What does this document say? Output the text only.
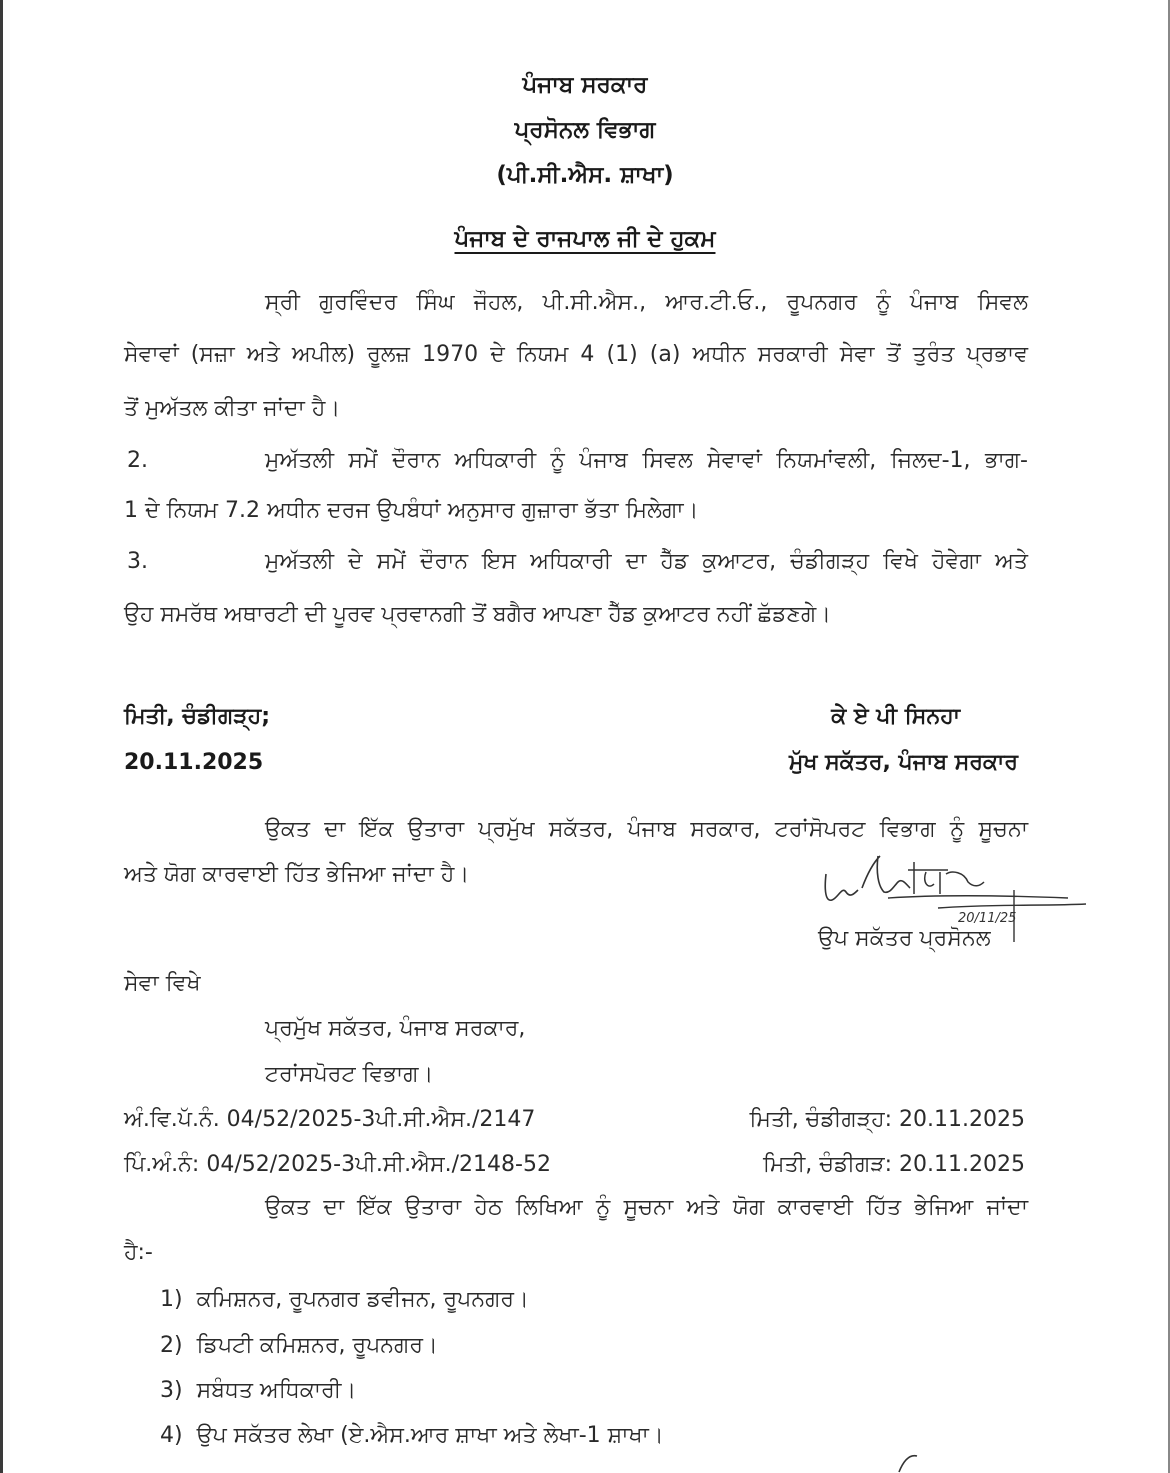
ਪੰਜਾਬ ਸਰਕਾਰ
ਪ੍ਰਸੋਨਲ ਵਿਭਾਗ
(ਪੀ.ਸੀ.ਐਸ. ਸ਼ਾਖਾ)
ਪੰਜਾਬ ਦੇ ਰਾਜਪਾਲ ਜੀ ਦੇ ਹੁਕਮ
ਸ੍ਰੀ ਗੁਰਵਿੰਦਰ ਸਿੰਘ ਜੌਹਲ, ਪੀ.ਸੀ.ਐਸ., ਆਰ.ਟੀ.ਓ., ਰੂਪਨਗਰ ਨੂੰ ਪੰਜਾਬ ਸਿਵਲ
ਸੇਵਾਵਾਂ (ਸਜ਼ਾ ਅਤੇ ਅਪੀਲ) ਰੂਲਜ਼ 1970 ਦੇ ਨਿਯਮ 4 (1) (a) ਅਧੀਨ ਸਰਕਾਰੀ ਸੇਵਾ ਤੋਂ ਤੁਰੰਤ ਪ੍ਰਭਾਵ
ਤੋਂ ਮੁਅੱਤਲ ਕੀਤਾ ਜਾਂਦਾ ਹੈ।
2.	ਮੁਅੱਤਲੀ ਸਮੇਂ ਦੌਰਾਨ ਅਧਿਕਾਰੀ ਨੂੰ ਪੰਜਾਬ ਸਿਵਲ ਸੇਵਾਵਾਂ ਨਿਯਮਾਂਵਲੀ, ਜਿਲਦ-1, ਭਾਗ-
1 ਦੇ ਨਿਯਮ 7.2 ਅਧੀਨ ਦਰਜ ਉਪਬੰਧਾਂ ਅਨੁਸਾਰ ਗੁਜ਼ਾਰਾ ਭੱਤਾ ਮਿਲੇਗਾ।
3.	ਮੁਅੱਤਲੀ ਦੇ ਸਮੇਂ ਦੌਰਾਨ ਇਸ ਅਧਿਕਾਰੀ ਦਾ ਹੈੱਡ ਕੁਆਟਰ, ਚੰਡੀਗੜ੍ਹ ਵਿਖੇ ਹੋਵੇਗਾ ਅਤੇ
ਉਹ ਸਮਰੱਥ ਅਥਾਰਟੀ ਦੀ ਪੂਰਵ ਪ੍ਰਵਾਨਗੀ ਤੋਂ ਬਗੈਰ ਆਪਣਾ ਹੈੱਡ ਕੁਆਟਰ ਨਹੀਂ ਛੱਡਣਗੇ।
ਮਿਤੀ, ਚੰਡੀਗੜ੍ਹ;
20.11.2025
ਕੇ ਏ ਪੀ ਸਿਨਹਾ
ਮੁੱਖ ਸਕੱਤਰ, ਪੰਜਾਬ ਸਰਕਾਰ
ਉਕਤ ਦਾ ਇੱਕ ਉਤਾਰਾ ਪ੍ਰਮੁੱਖ ਸਕੱਤਰ, ਪੰਜਾਬ ਸਰਕਾਰ, ਟਰਾਂਸੋਪਰਟ ਵਿਭਾਗ ਨੂੰ ਸੂਚਨਾ
ਅਤੇ ਯੋਗ ਕਾਰਵਾਈ ਹਿੱਤ ਭੇਜਿਆ ਜਾਂਦਾ ਹੈ।
20/11/25
ਉਪ ਸਕੱਤਰ ਪ੍ਰਸੋਨਲ
ਸੇਵਾ ਵਿਖੇ
ਪ੍ਰਮੁੱਖ ਸਕੱਤਰ, ਪੰਜਾਬ ਸਰਕਾਰ,
ਟਰਾਂਸਪੋਰਟ ਵਿਭਾਗ।
ਅੰ.ਵਿ.ਪੱ.ਨੰ. 04/52/2025-3ਪੀ.ਸੀ.ਐਸ./2147	ਮਿਤੀ, ਚੰਡੀਗੜ੍ਹ: 20.11.2025
ਪਿੰ.ਅੰ.ਨੰ: 04/52/2025-3ਪੀ.ਸੀ.ਐਸ./2148-52	ਮਿਤੀ, ਚੰਡੀਗੜ: 20.11.2025
ਉਕਤ ਦਾ ਇੱਕ ਉਤਾਰਾ ਹੇਠ ਲਿਖਿਆ ਨੂੰ ਸੂਚਨਾ ਅਤੇ ਯੋਗ ਕਾਰਵਾਈ ਹਿੱਤ ਭੇਜਿਆ ਜਾਂਦਾ
ਹੈ:-
1) ਕਮਿਸ਼ਨਰ, ਰੂਪਨਗਰ ਡਵੀਜਨ, ਰੂਪਨਗਰ।
2) ਡਿਪਟੀ ਕਮਿਸ਼ਨਰ, ਰੂਪਨਗਰ।
3) ਸਬੰਧਤ ਅਧਿਕਾਰੀ।
4) ਉਪ ਸਕੱਤਰ ਲੇਖਾ (ਏ.ਐਸ.ਆਰ ਸ਼ਾਖਾ ਅਤੇ ਲੇਖਾ-1 ਸ਼ਾਖਾ।
